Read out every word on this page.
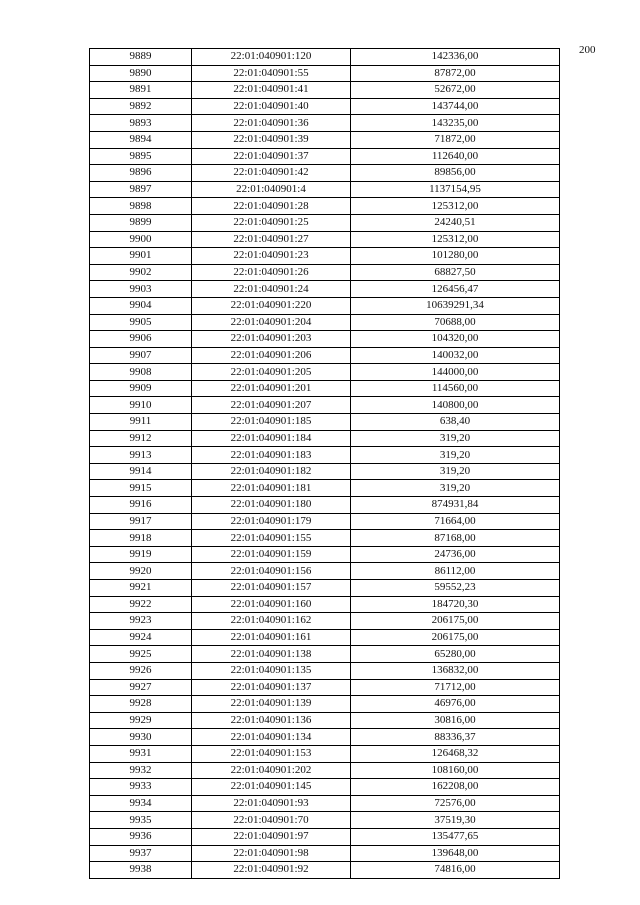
200
9889	22:01:040901:120	142336,00
9890	22:01:040901:55	87872,00
9891	22:01:040901:41	52672,00
9892	22:01:040901:40	143744,00
9893	22:01:040901:36	143235,00
9894	22:01:040901:39	71872,00
9895	22:01:040901:37	112640,00
9896	22:01:040901:42	89856,00
9897	22:01:040901:4	1137154,95
9898	22:01:040901:28	125312,00
9899	22:01:040901:25	24240,51
9900	22:01:040901:27	125312,00
9901	22:01:040901:23	101280,00
9902	22:01:040901:26	68827,50
9903	22:01:040901:24	126456,47
9904	22:01:040901:220	10639291,34
9905	22:01:040901:204	70688,00
9906	22:01:040901:203	104320,00
9907	22:01:040901:206	140032,00
9908	22:01:040901:205	144000,00
9909	22:01:040901:201	114560,00
9910	22:01:040901:207	140800,00
9911	22:01:040901:185	638,40
9912	22:01:040901:184	319,20
9913	22:01:040901:183	319,20
9914	22:01:040901:182	319,20
9915	22:01:040901:181	319,20
9916	22:01:040901:180	874931,84
9917	22:01:040901:179	71664,00
9918	22:01:040901:155	87168,00
9919	22:01:040901:159	24736,00
9920	22:01:040901:156	86112,00
9921	22:01:040901:157	59552,23
9922	22:01:040901:160	184720,30
9923	22:01:040901:162	206175,00
9924	22:01:040901:161	206175,00
9925	22:01:040901:138	65280,00
9926	22:01:040901:135	136832,00
9927	22:01:040901:137	71712,00
9928	22:01:040901:139	46976,00
9929	22:01:040901:136	30816,00
9930	22:01:040901:134	88336,37
9931	22:01:040901:153	126468,32
9932	22:01:040901:202	108160,00
9933	22:01:040901:145	162208,00
9934	22:01:040901:93	72576,00
9935	22:01:040901:70	37519,30
9936	22:01:040901:97	135477,65
9937	22:01:040901:98	139648,00
9938	22:01:040901:92	74816,00
